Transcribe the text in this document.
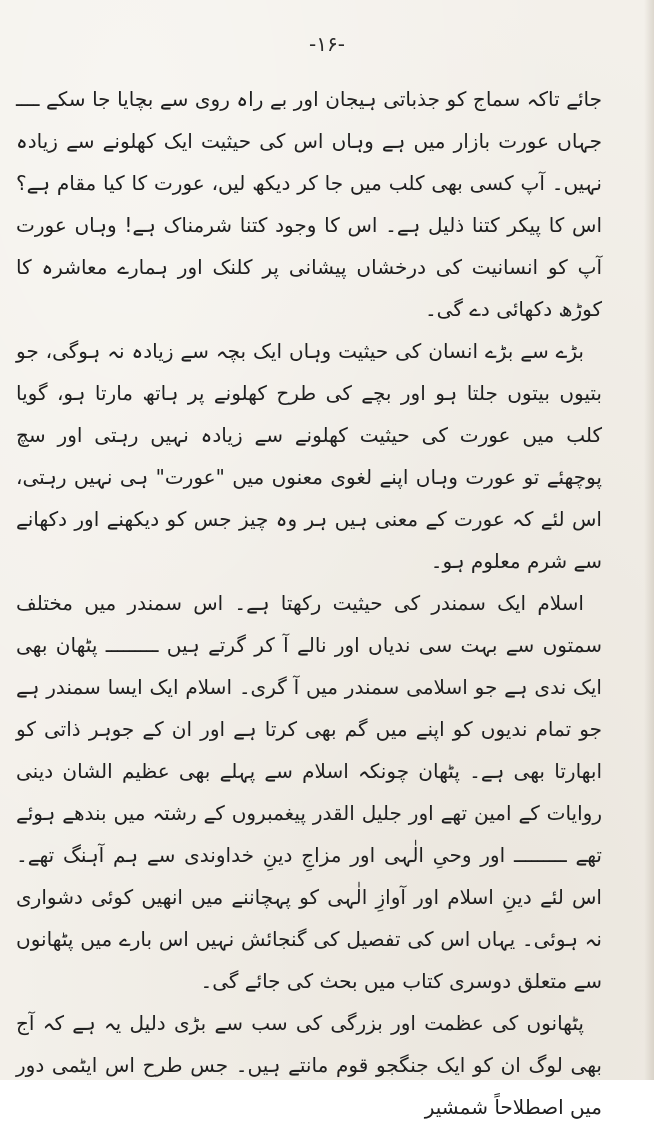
-۱۶-

جائے تاکہ سماج کو جذباتی ہیجان اور بے راہ روی سے بچایا جا سکے ــــ جہاں عورت بازار میں ہے وہاں اس کی حیثیت ایک کھلونے سے زیادہ نہیں۔ آپ کسی بھی کلب میں جا کر دیکھ لیں، عورت کا کیا مقام ہے؟ اس کا پیکر کتنا ذلیل ہے۔ اس کا وجود کتنا شرمناک ہے! وہاں عورت آپ کو انسانیت کی درخشاں پیشانی پر کلنک اور ہمارے معاشرہ کا کوڑھ دکھائی دے گی۔

بڑے سے بڑے انسان کی حیثیت وہاں ایک بچہ سے زیادہ نہ ہوگی، جو بتیوں بیتوں جلتا ہو اور بچے کی طرح کھلونے پر ہاتھ مارتا ہو، گویا کلب میں عورت کی حیثیت کھلونے سے زیادہ نہیں رہتی اور سچ پوچھئے تو عورت وہاں اپنے لغوی معنوں میں "عورت" ہی نہیں رہتی، اس لئے کہ عورت کے معنی ہیں ہر وہ چیز جس کو دیکھنے اور دکھانے سے شرم معلوم ہو۔

اسلام ایک سمندر کی حیثیت رکھتا ہے۔ اس سمندر میں مختلف سمتوں سے بہت سی ندیاں اور نالے آ کر گرتے ہیں ـــــــــ پٹھان بھی ایک ندی ہے جو اسلامی سمندر میں آ گری۔ اسلام ایک ایسا سمندر ہے جو تمام ندیوں کو اپنے میں گم بھی کرتا ہے اور ان کے جوہر ذاتی کو ابھارتا بھی ہے۔ پٹھان چونکہ اسلام سے پہلے بھی عظیم الشان دینی روایات کے امین تھے اور جلیل القدر پیغمبروں کے رشتہ میں بندھے ہوئے تھے ـــــــــ اور وحیِ الٰہی اور مزاجِ دینِ خداوندی سے ہم آہنگ تھے۔ اس لئے دینِ اسلام اور آوازِ الٰہی کو پہچاننے میں انھیں کوئی دشواری نہ ہوئی۔ یہاں اس کی تفصیل کی گنجائش نہیں اس بارے میں پٹھانوں سے متعلق دوسری کتاب میں بحث کی جائے گی۔

پٹھانوں کی عظمت اور بزرگی کی سب سے بڑی دلیل یہ ہے کہ آج بھی لوگ ان کو ایک جنگجو قوم مانتے ہیں۔ جس طرح اس ایٹمی دور میں اصطلاحاً شمشیر
